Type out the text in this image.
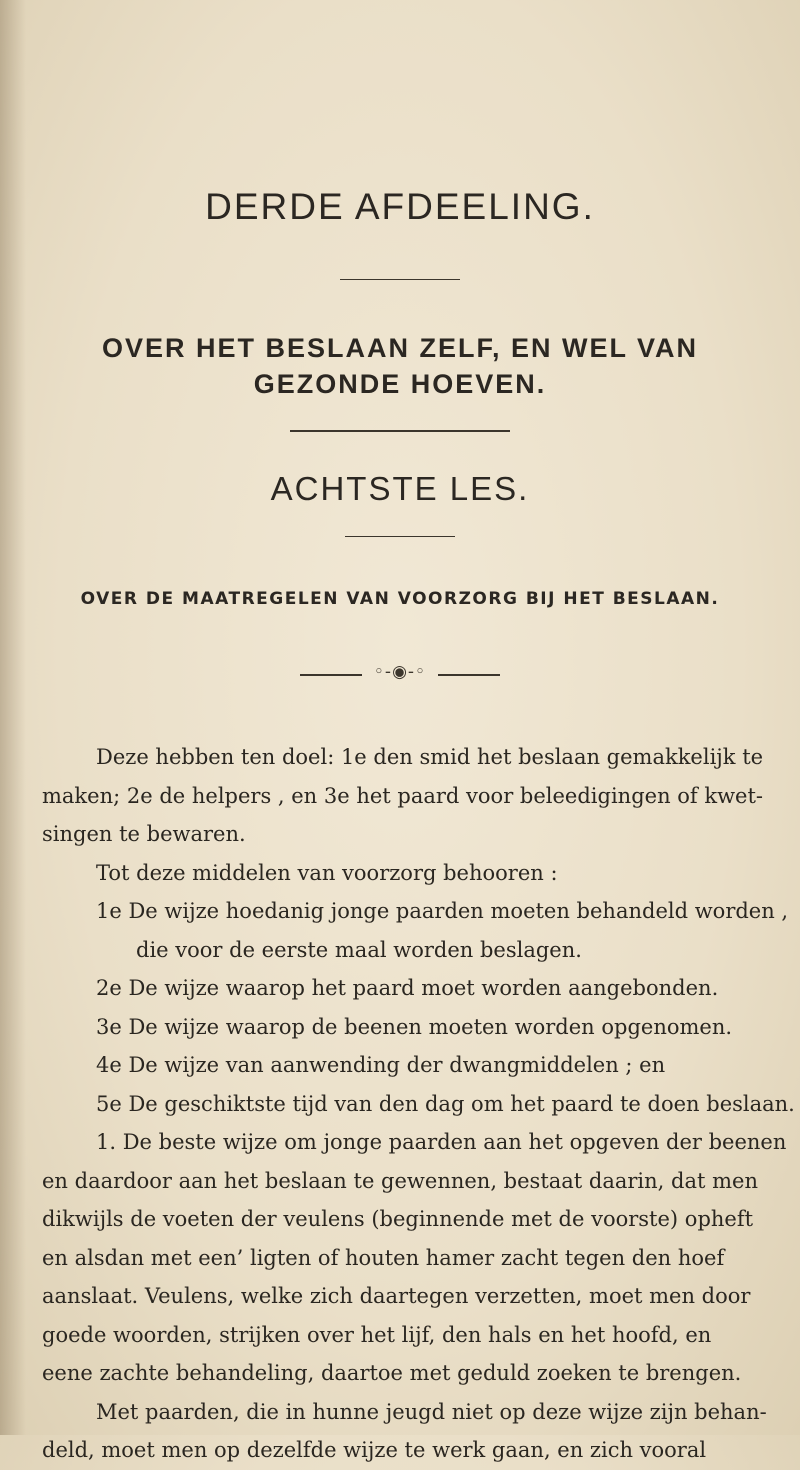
DERDE AFDEELING.
OVER HET BESLAAN ZELF, EN WEL VAN
GEZONDE HOEVEN.
ACHTSTE LES.
OVER DE MAATREGELEN VAN VOORZORG BIJ HET BESLAAN.
◦-◉-◦
Deze hebben ten doel: 1e den smid het beslaan gemakkelijk te
maken; 2e de helpers , en 3e het paard voor beleedigingen of kwet-
singen te bewaren.
Tot deze middelen van voorzorg behooren :
1e De wijze hoedanig jonge paarden moeten behandeld worden ,
die voor de eerste maal worden beslagen.
2e De wijze waarop het paard moet worden aangebonden.
3e De wijze waarop de beenen moeten worden opgenomen.
4e De wijze van aanwending der dwangmiddelen ; en
5e De geschiktste tijd van den dag om het paard te doen beslaan.
1. De beste wijze om jonge paarden aan het opgeven der beenen
en daardoor aan het beslaan te gewennen, bestaat daarin, dat men
dikwijls de voeten der veulens (beginnende met de voorste) opheft
en alsdan met een’ ligten of houten hamer zacht tegen den hoef
aanslaat. Veulens, welke zich daartegen verzetten, moet men door
goede woorden, strijken over het lijf, den hals en het hoofd, en
eene zachte behandeling, daartoe met geduld zoeken te brengen.
Met paarden, die in hunne jeugd niet op deze wijze zijn behan-
deld, moet men op dezelfde wijze te werk gaan, en zich vooral
